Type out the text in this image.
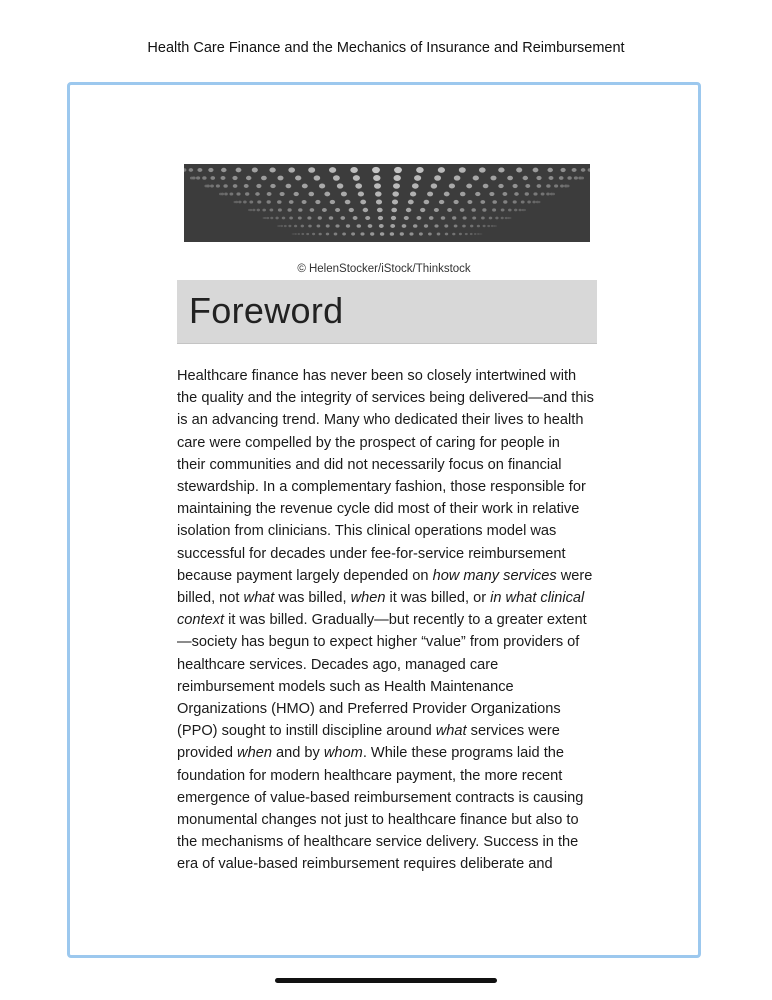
Health Care Finance and the Mechanics of Insurance and Reimbursement
© HelenStocker/iStock/Thinkstock
Foreword
Healthcare finance has never been so closely intertwined with
the quality and the integrity of services being delivered—and this
is an advancing trend. Many who dedicated their lives to health
care were compelled by the prospect of caring for people in
their communities and did not necessarily focus on financial
stewardship. In a complementary fashion, those responsible for
maintaining the revenue cycle did most of their work in relative
isolation from clinicians. This clinical operations model was
successful for decades under fee-for-service reimbursement
because payment largely depended on how many services were
billed, not what was billed, when it was billed, or in what clinical
context it was billed. Gradually—but recently to a greater extent
—society has begun to expect higher “value” from providers of
healthcare services. Decades ago, managed care
reimbursement models such as Health Maintenance
Organizations (HMO) and Preferred Provider Organizations
(PPO) sought to instill discipline around what services were
provided when and by whom. While these programs laid the
foundation for modern healthcare payment, the more recent
emergence of value-based reimbursement contracts is causing
monumental changes not just to healthcare finance but also to
the mechanisms of healthcare service delivery. Success in the
era of value-based reimbursement requires deliberate and
